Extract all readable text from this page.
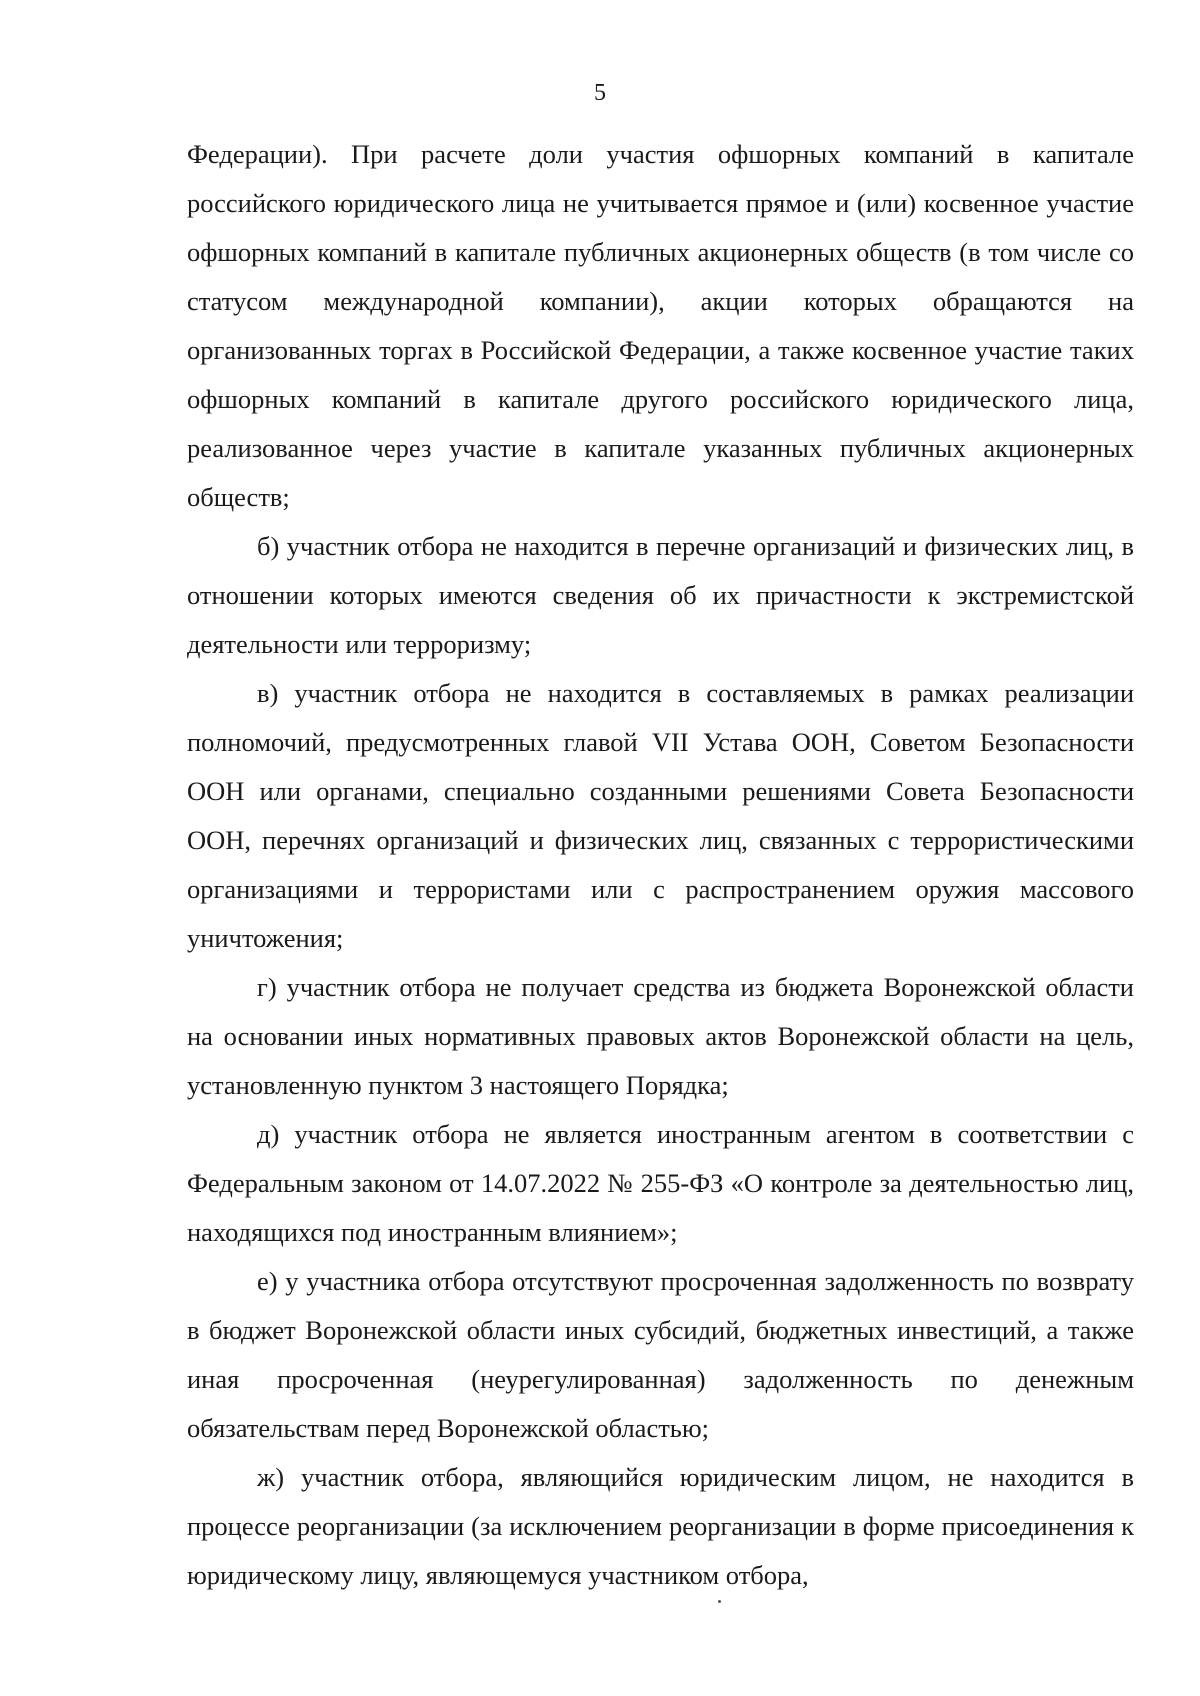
5

Федерации). При расчете доли участия офшорных компаний в капитале российского юридического лица не учитывается прямое и (или) косвенное участие офшорных компаний в капитале публичных акционерных обществ (в том числе со статусом международной компании), акции которых обращаются на организованных торгах в Российской Федерации, а также косвенное участие таких офшорных компаний в капитале другого российского юридического лица, реализованное через участие в капитале указанных публичных акционерных обществ;

б) участник отбора не находится в перечне организаций и физических лиц, в отношении которых имеются сведения об их причастности к экстремистской деятельности или терроризму;

в) участник отбора не находится в составляемых в рамках реализации полномочий, предусмотренных главой VII Устава ООН, Советом Безопасности ООН или органами, специально созданными решениями Совета Безопасности ООН, перечнях организаций и физических лиц, связанных с террористическими организациями и террористами или с распространением оружия массового уничтожения;

г) участник отбора не получает средства из бюджета Воронежской области на основании иных нормативных правовых актов Воронежской области на цель, установленную пунктом 3 настоящего Порядка;

д) участник отбора не является иностранным агентом в соответствии с Федеральным законом от 14.07.2022 № 255-ФЗ «О контроле за деятельностью лиц, находящихся под иностранным влиянием»;

е) у участника отбора отсутствуют просроченная задолженность по возврату в бюджет Воронежской области иных субсидий, бюджетных инвестиций, а также иная просроченная (неурегулированная) задолженность по денежным обязательствам перед Воронежской областью;

ж) участник отбора, являющийся юридическим лицом, не находится в процессе реорганизации (за исключением реорганизации в форме присоединения к юридическому лицу, являющемуся участником отбора,
